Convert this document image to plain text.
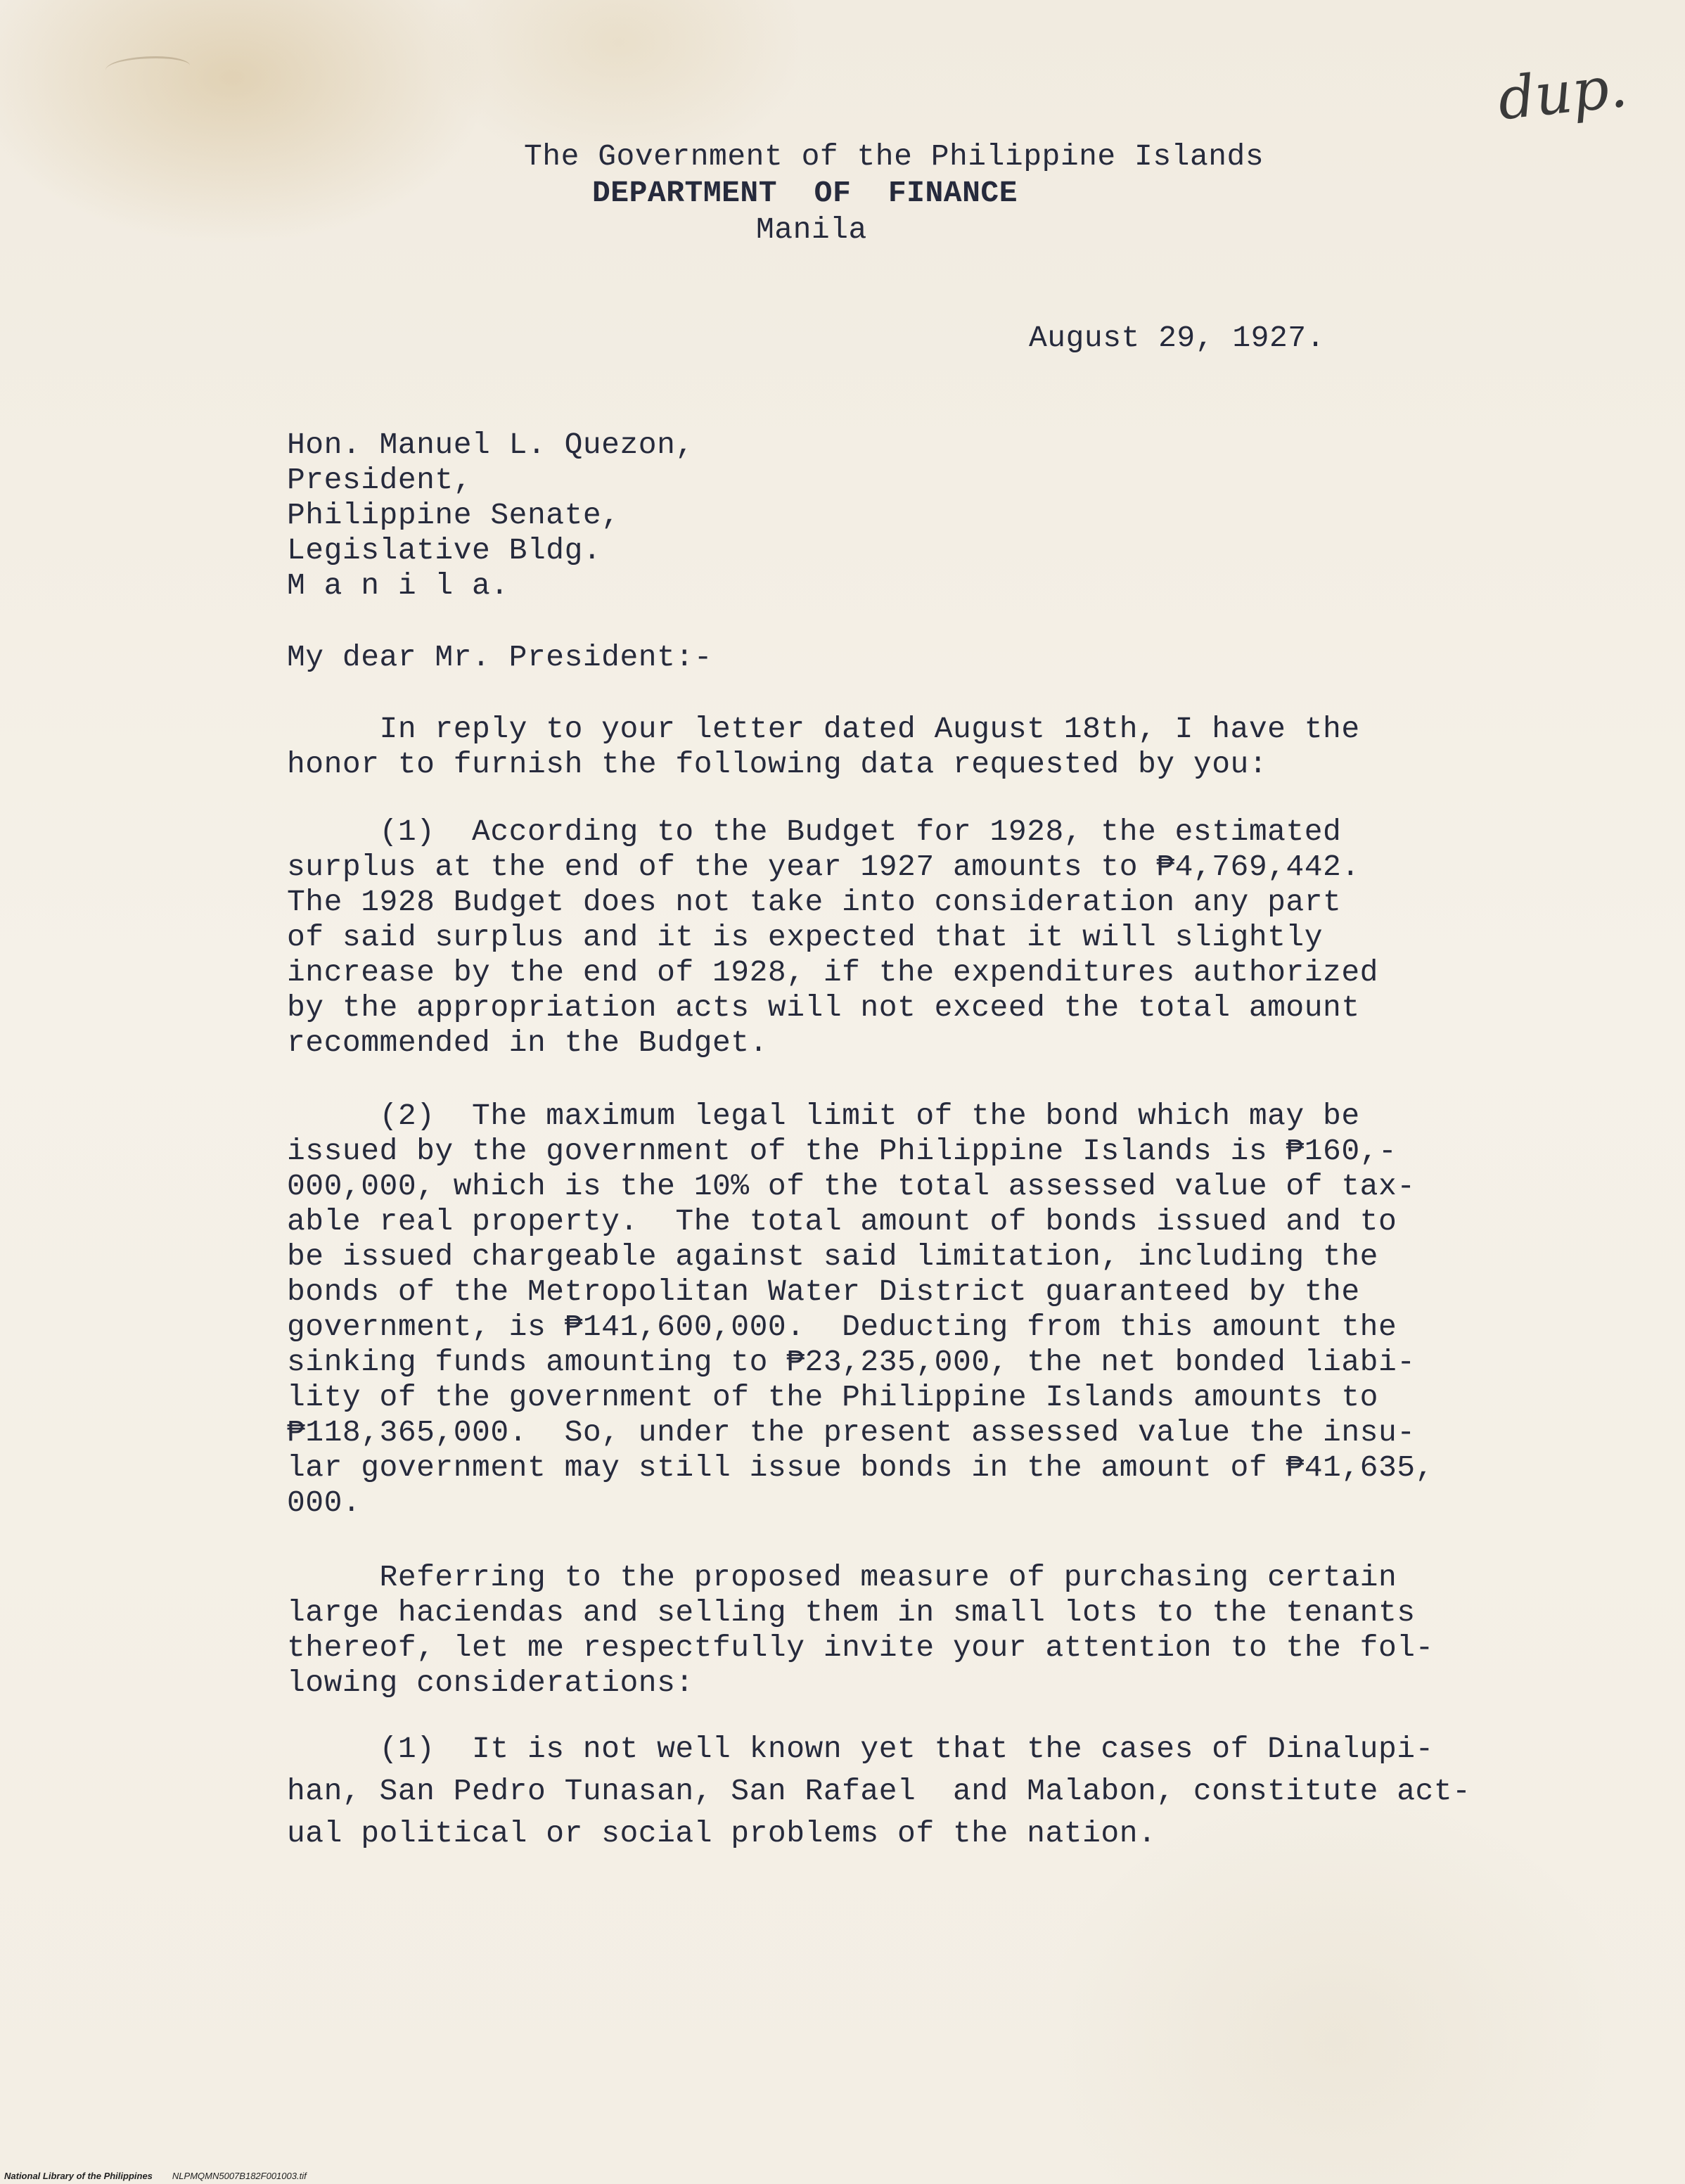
dup.
The Government of the Philippine Islands
DEPARTMENT  OF  FINANCE
Manila
August 29, 1927.
Hon. Manuel L. Quezon,
President,
Philippine Senate,
Legislative Bldg.
M a n i l a.
My dear Mr. President:-
In reply to your letter dated August 18th, I have the
honor to furnish the following data requested by you:
(1)  According to the Budget for 1928, the estimated
surplus at the end of the year 1927 amounts to ₱4,769,442.
The 1928 Budget does not take into consideration any part
of said surplus and it is expected that it will slightly
increase by the end of 1928, if the expenditures authorized
by the appropriation acts will not exceed the total amount
recommended in the Budget.
(2)  The maximum legal limit of the bond which may be
issued by the government of the Philippine Islands is ₱160,-
000,000, which is the 10% of the total assessed value of tax-
able real property.  The total amount of bonds issued and to
be issued chargeable against said limitation, including the
bonds of the Metropolitan Water District guaranteed by the
government, is ₱141,600,000.  Deducting from this amount the
sinking funds amounting to ₱23,235,000, the net bonded liabi-
lity of the government of the Philippine Islands amounts to
₱118,365,000.  So, under the present assessed value the insu-
lar government may still issue bonds in the amount of ₱41,635,
000.
Referring to the proposed measure of purchasing certain
large haciendas and selling them in small lots to the tenants
thereof, let me respectfully invite your attention to the fol-
lowing considerations:
(1)  It is not well known yet that the cases of Dinalupi-
han, San Pedro Tunasan, San Rafael  and Malabon, constitute act-
ual political or social problems of the nation.
National Library of the Philippines NLPMQMN5007B182F001003.tif
